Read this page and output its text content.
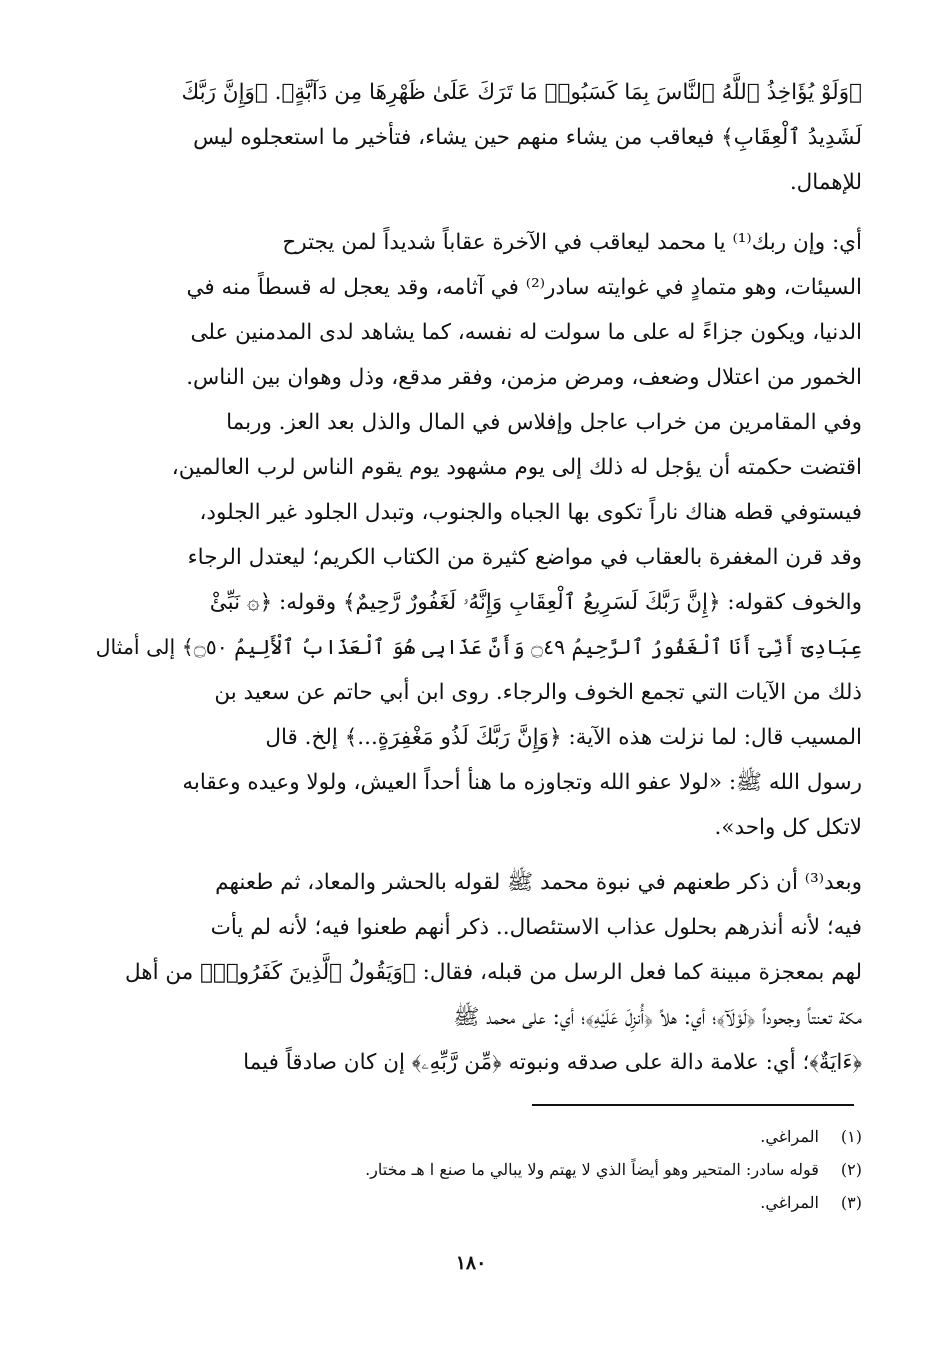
﴿وَلَوْ يُؤَاخِذُ ٱللَّهُ ٱلنَّاسَ بِمَا كَسَبُوا۟ مَا تَرَكَ عَلَىٰ ظَهْرِهَا مِن دَآبَّةٍ﴾. ﴿وَإِنَّ رَبَّكَ
لَشَدِيدُ ٱلْعِقَابِ﴾ فيعاقب من يشاء منهم حين يشاء، فتأخير ما استعجلوه ليس
للإهمال.
أي: وإن ربك⁽¹⁾ يا محمد ليعاقب في الآخرة عقاباً شديداً لمن يجترح
السيئات، وهو متمادٍ في غوايته سادر⁽²⁾ في آثامه، وقد يعجل له قسطاً منه في
الدنيا، ويكون جزاءً له على ما سولت له نفسه، كما يشاهد لدى المدمنين على
الخمور من اعتلال وضعف، ومرض مزمن، وفقر مدقع، وذل وهوان بين الناس.
وفي المقامرين من خراب عاجل وإفلاس في المال والذل بعد العز. وربما
اقتضت حكمته أن يؤجل له ذلك إلى يوم مشهود يوم يقوم الناس لرب العالمين،
فيستوفي قطه هناك ناراً تكوى بها الجباه والجنوب، وتبدل الجلود غير الجلود،
وقد قرن المغفرة بالعقاب في مواضع كثيرة من الكتاب الكريم؛ ليعتدل الرجاء
والخوف كقوله: ﴿إِنَّ رَبَّكَ لَسَرِيعُ ٱلْعِقَابِ وَإِنَّهُۥ لَغَفُورٌ رَّحِيمٌ﴾ وقوله: ﴿۞ نَبِّئْ
عِبَادِىٓ أَنِّىٓ أَنَا ٱلْغَفُورُ ٱلرَّحِيمُ ۝٤٩ وَأَنَّ عَذَابِى هُوَ ٱلْعَذَابُ ٱلْأَلِيمُ ۝٥٠﴾ إلى أمثال
ذلك من الآيات التي تجمع الخوف والرجاء. روى ابن أبي حاتم عن سعيد بن
المسيب قال: لما نزلت هذه الآية: ﴿وَإِنَّ رَبَّكَ لَذُو مَغْفِرَةٍ...﴾ إلخ. قال
رسول الله ﷺ: «لولا عفو الله وتجاوزه ما هنأ أحداً العيش، ولولا وعيده وعقابه
لاتكل كل واحد».
وبعد⁽³⁾ أن ذكر طعنهم في نبوة محمد ﷺ لقوله بالحشر والمعاد، ثم طعنهم
فيه؛ لأنه أنذرهم بحلول عذاب الاستئصال.. ذكر أنهم طعنوا فيه؛ لأنه لم يأت
لهم بمعجزة مبينة كما فعل الرسل من قبله، فقال: ﴿وَيَقُولُ ٱلَّذِينَ كَفَرُوا۟﴾ من أهل
مكة تعنتاً وجحوداً ﴿لَوْلَآ﴾؛ أي: هلاً ﴿أُنزِلَ عَلَيْهِ﴾؛ أي: على محمد ﷺ
﴿ءَايَةٌ﴾؛ أي: علامة دالة على صدقه ونبوته ﴿مِّن رَّبِّهِۦ﴾ إن كان صادقاً فيما
(١) المراغي.
(٢) قوله سادر: المتحير وهو أيضاً الذي لا يهتم ولا يبالي ما صنع ا هـ مختار.
(٣) المراغي.
١٨٠
